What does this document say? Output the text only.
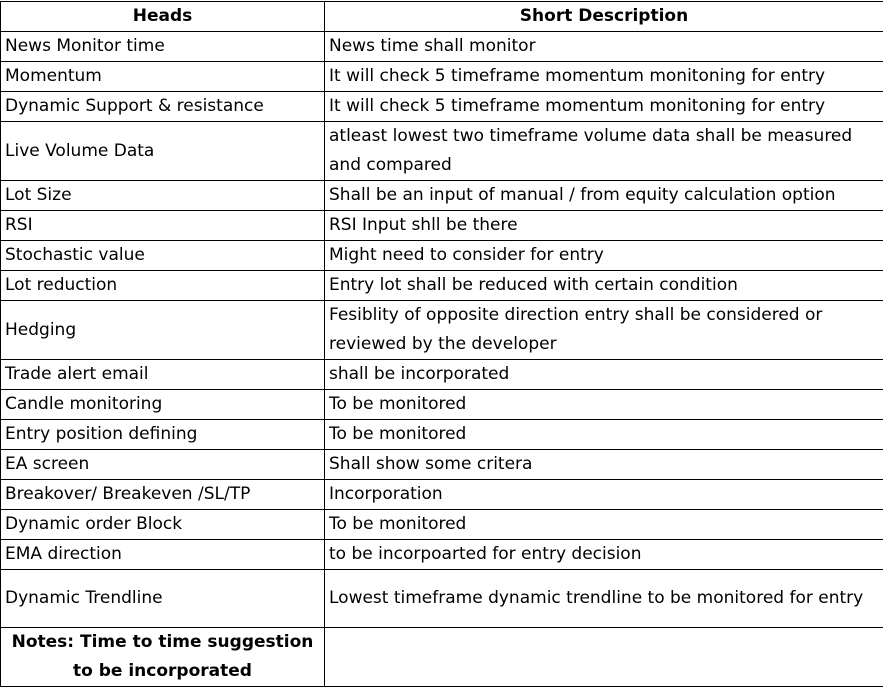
Heads	Short Description
News Monitor time	News time shall monitor
Momentum	It will check 5 timeframe momentum monitoning for entry
Dynamic Support & resistance	It will check 5 timeframe momentum monitoning for entry
Live Volume Data	atleast lowest two timeframe volume data shall be measured and compared
Lot Size	Shall be an input of manual / from equity calculation option
RSI	RSI Input shll be there
Stochastic value	Might need to consider for entry
Lot reduction	Entry lot shall be reduced with certain condition
Hedging	Fesiblity of opposite direction entry shall be considered or reviewed by the developer
Trade alert email	shall be incorporated
Candle monitoring	To be monitored
Entry position defining	To be monitored
EA screen	Shall show some critera
Breakover/ Breakeven /SL/TP	Incorporation
Dynamic order Block	To be monitored
EMA direction	to be incorpoarted for entry decision
Dynamic Trendline	Lowest timeframe dynamic trendline to be monitored for entry
Notes: Time to time suggestion to be incorporated	
